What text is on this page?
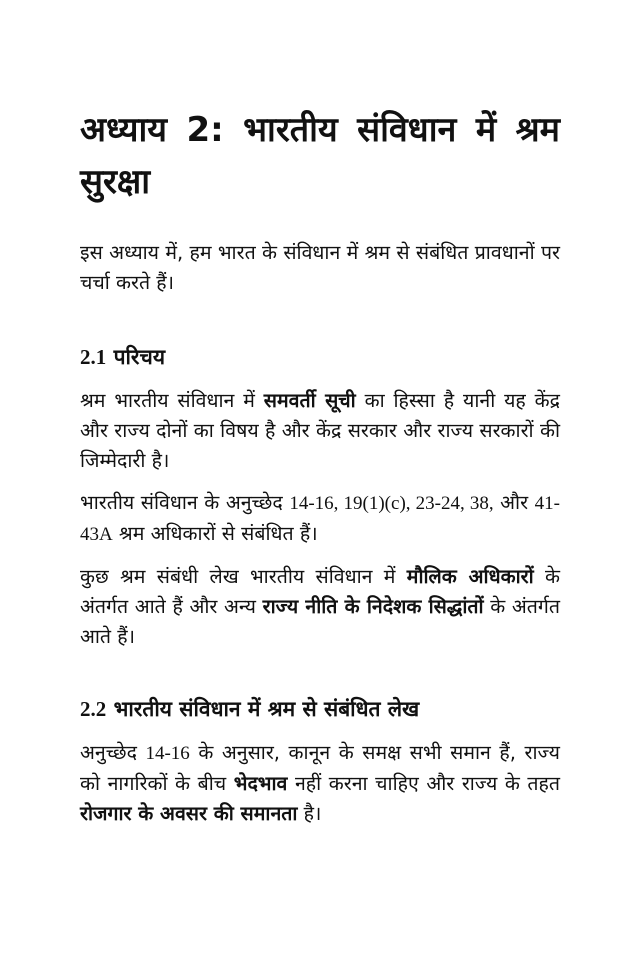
अध्याय 2: भारतीय संविधान में श्रम सुरक्षा

इस अध्याय में, हम भारत के संविधान में श्रम से संबंधित प्रावधानों पर चर्चा करते हैं।

2.1 परिचय

श्रम भारतीय संविधान में समवर्ती सूची का हिस्सा है यानी यह केंद्र और राज्य दोनों का विषय है और केंद्र सरकार और राज्य सरकारों की जिम्मेदारी है।

भारतीय संविधान के अनुच्छेद 14-16, 19(1)(c), 23-24, 38, और 41-43A श्रम अधिकारों से संबंधित हैं।

कुछ श्रम संबंधी लेख भारतीय संविधान में मौलिक अधिकारों के अंतर्गत आते हैं और अन्य राज्य नीति के निदेशक सिद्धांतों के अंतर्गत आते हैं।

2.2 भारतीय संविधान में श्रम से संबंधित लेख

अनुच्छेद 14-16 के अनुसार, कानून के समक्ष सभी समान हैं, राज्य को नागरिकों के बीच भेदभाव नहीं करना चाहिए और राज्य के तहत रोजगार के अवसर की समानता है।
